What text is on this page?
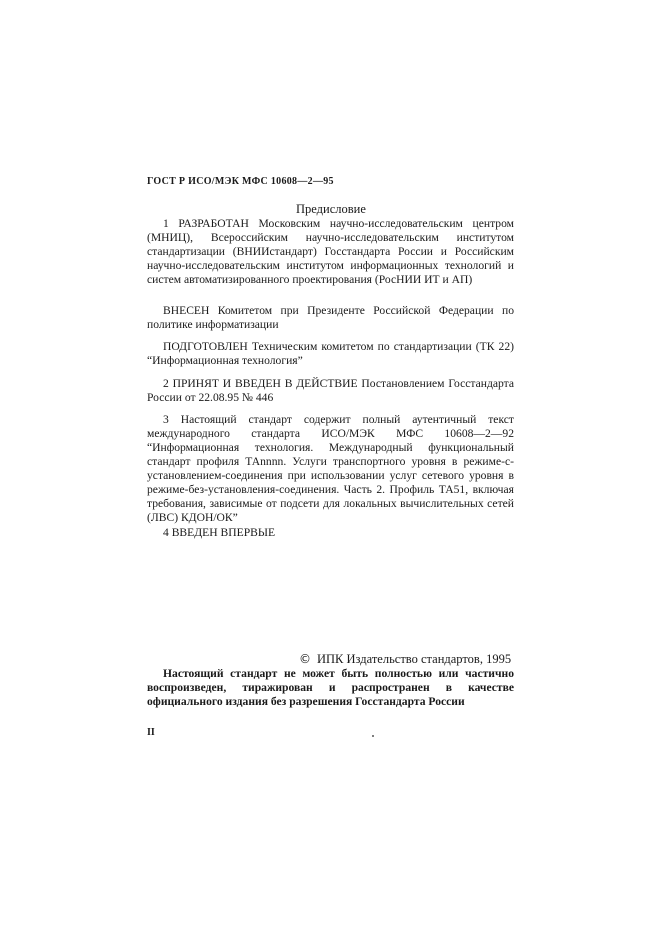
ГОСТ Р ИСО/МЭК МФС 10608—2—95
Предисловие

1 РАЗРАБОТАН Московским научно-исследовательским центром (МНИЦ), Всероссийским научно-исследовательским институтом стандартизации (ВНИИстандарт) Госстандарта России и Российским научно-исследовательским институтом информационных технологий и систем автоматизированного проектирования (РосНИИ ИТ и АП)

ВНЕСЕН Комитетом при Президенте Российской Федерации по политике информатизации

ПОДГОТОВЛЕН Техническим комитетом по стандартизации (ТК 22) “Информационная технология”

2 ПРИНЯТ И ВВЕДЕН В ДЕЙСТВИЕ Постановлением Госстандарта России от 22.08.95 № 446

3 Настоящий стандарт содержит полный аутентичный текст международного стандарта ИСО/МЭК МФС 10608—2—92 “Информационная технология. Международный функциональный стандарт профиля ТАnnnn. Услуги транспортного уровня в режиме-с-установлением-соединения при использовании услуг сетевого уровня в режиме-без-установления-соединения. Часть 2. Профиль ТА51, включая требования, зависимые от подсети для локальных вычислительных сетей (ЛВС) КДОН/ОК”

4 ВВЕДЕН ВПЕРВЫЕ

© ИПК Издательство стандартов, 1995

Настоящий стандарт не может быть полностью или частично воспроизведен, тиражирован и распространен в качестве официального издания без разрешения Госстандарта России

II
